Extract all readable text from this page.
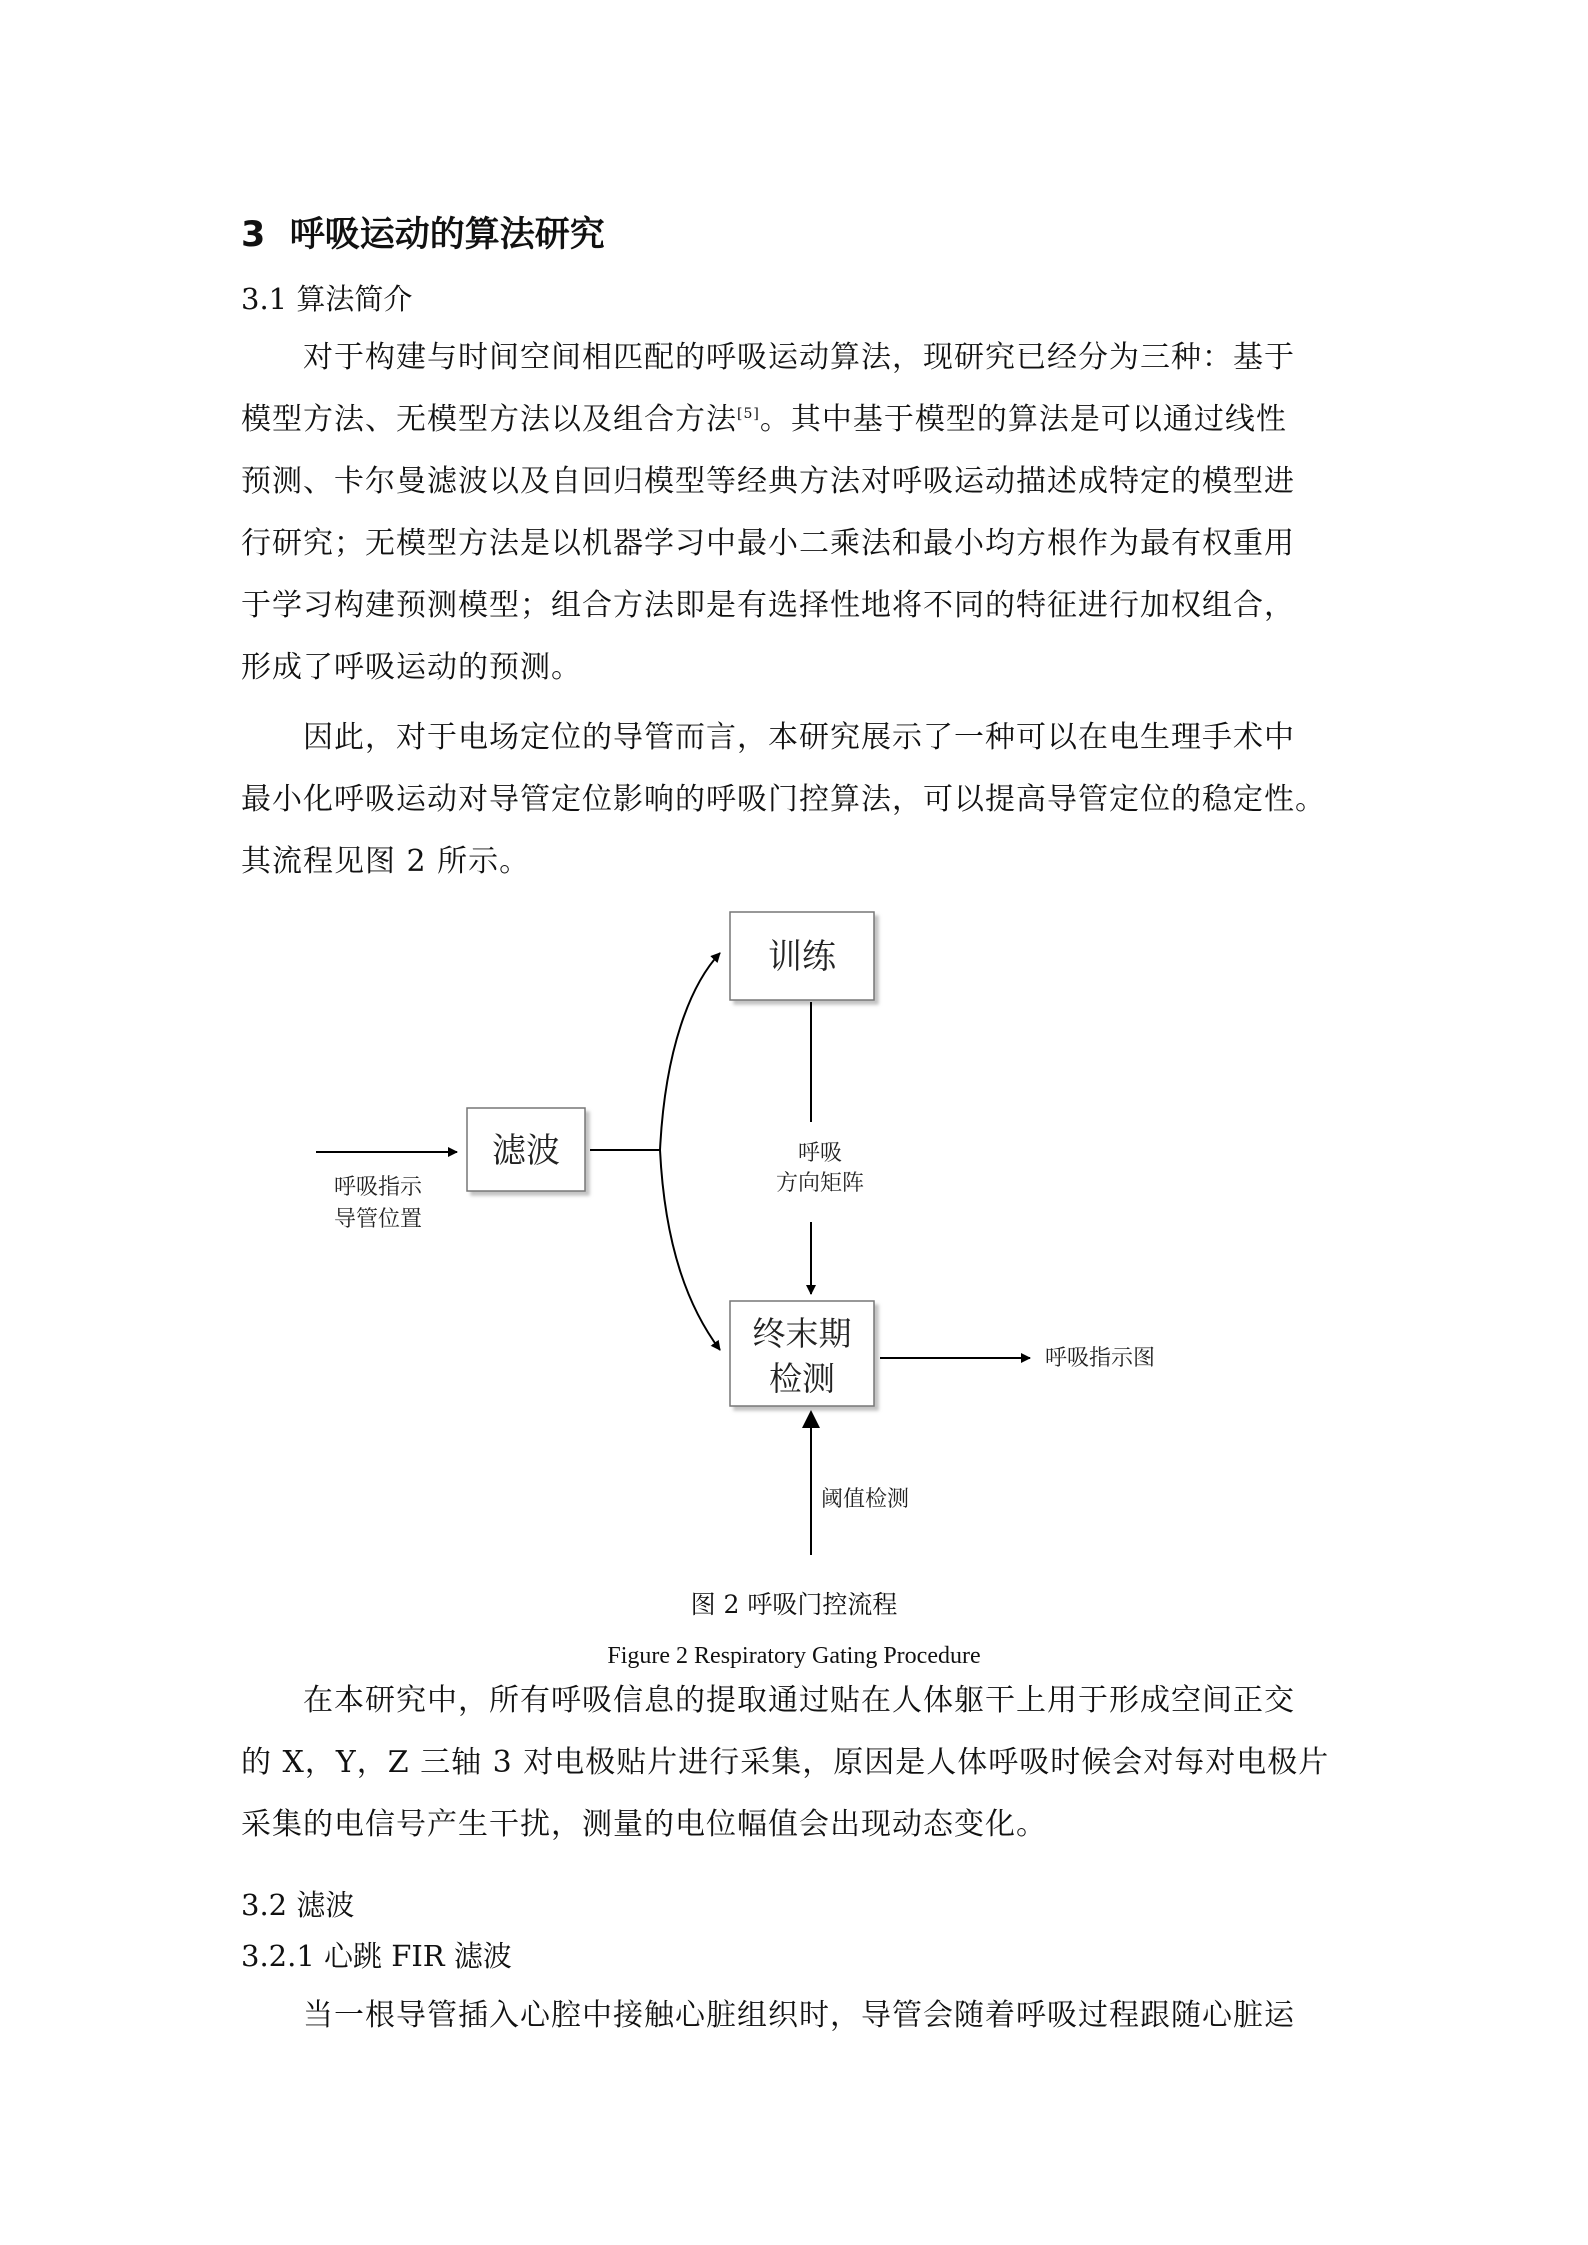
3 呼吸运动的算法研究
3.1 算法简介
对于构建与时间空间相匹配的呼吸运动算法，现研究已经分为三种：基于
模型方法、无模型方法以及组合方法[5]。其中基于模型的算法是可以通过线性
预测、卡尔曼滤波以及自回归模型等经典方法对呼吸运动描述成特定的模型进
行研究；无模型方法是以机器学习中最小二乘法和最小均方根作为最有权重用
于学习构建预测模型；组合方法即是有选择性地将不同的特征进行加权组合，
形成了呼吸运动的预测。
因此，对于电场定位的导管而言，本研究展示了一种可以在电生理手术中
最小化呼吸运动对导管定位影响的呼吸门控算法，可以提高导管定位的稳定性。
其流程见图 2 所示。
训练
滤波
终末期
检测
呼吸指示
导管位置
呼吸
方向矩阵
呼吸指示图
阈值检测
图 2 呼吸门控流程
Figure 2 Respiratory Gating Procedure
在本研究中，所有呼吸信息的提取通过贴在人体躯干上用于形成空间正交
的 X，Y，Z 三轴 3 对电极贴片进行采集，原因是人体呼吸时候会对每对电极片
采集的电信号产生干扰，测量的电位幅值会出现动态变化。
3.2 滤波
3.2.1 心跳 FIR 滤波
当一根导管插入心腔中接触心脏组织时，导管会随着呼吸过程跟随心脏运
